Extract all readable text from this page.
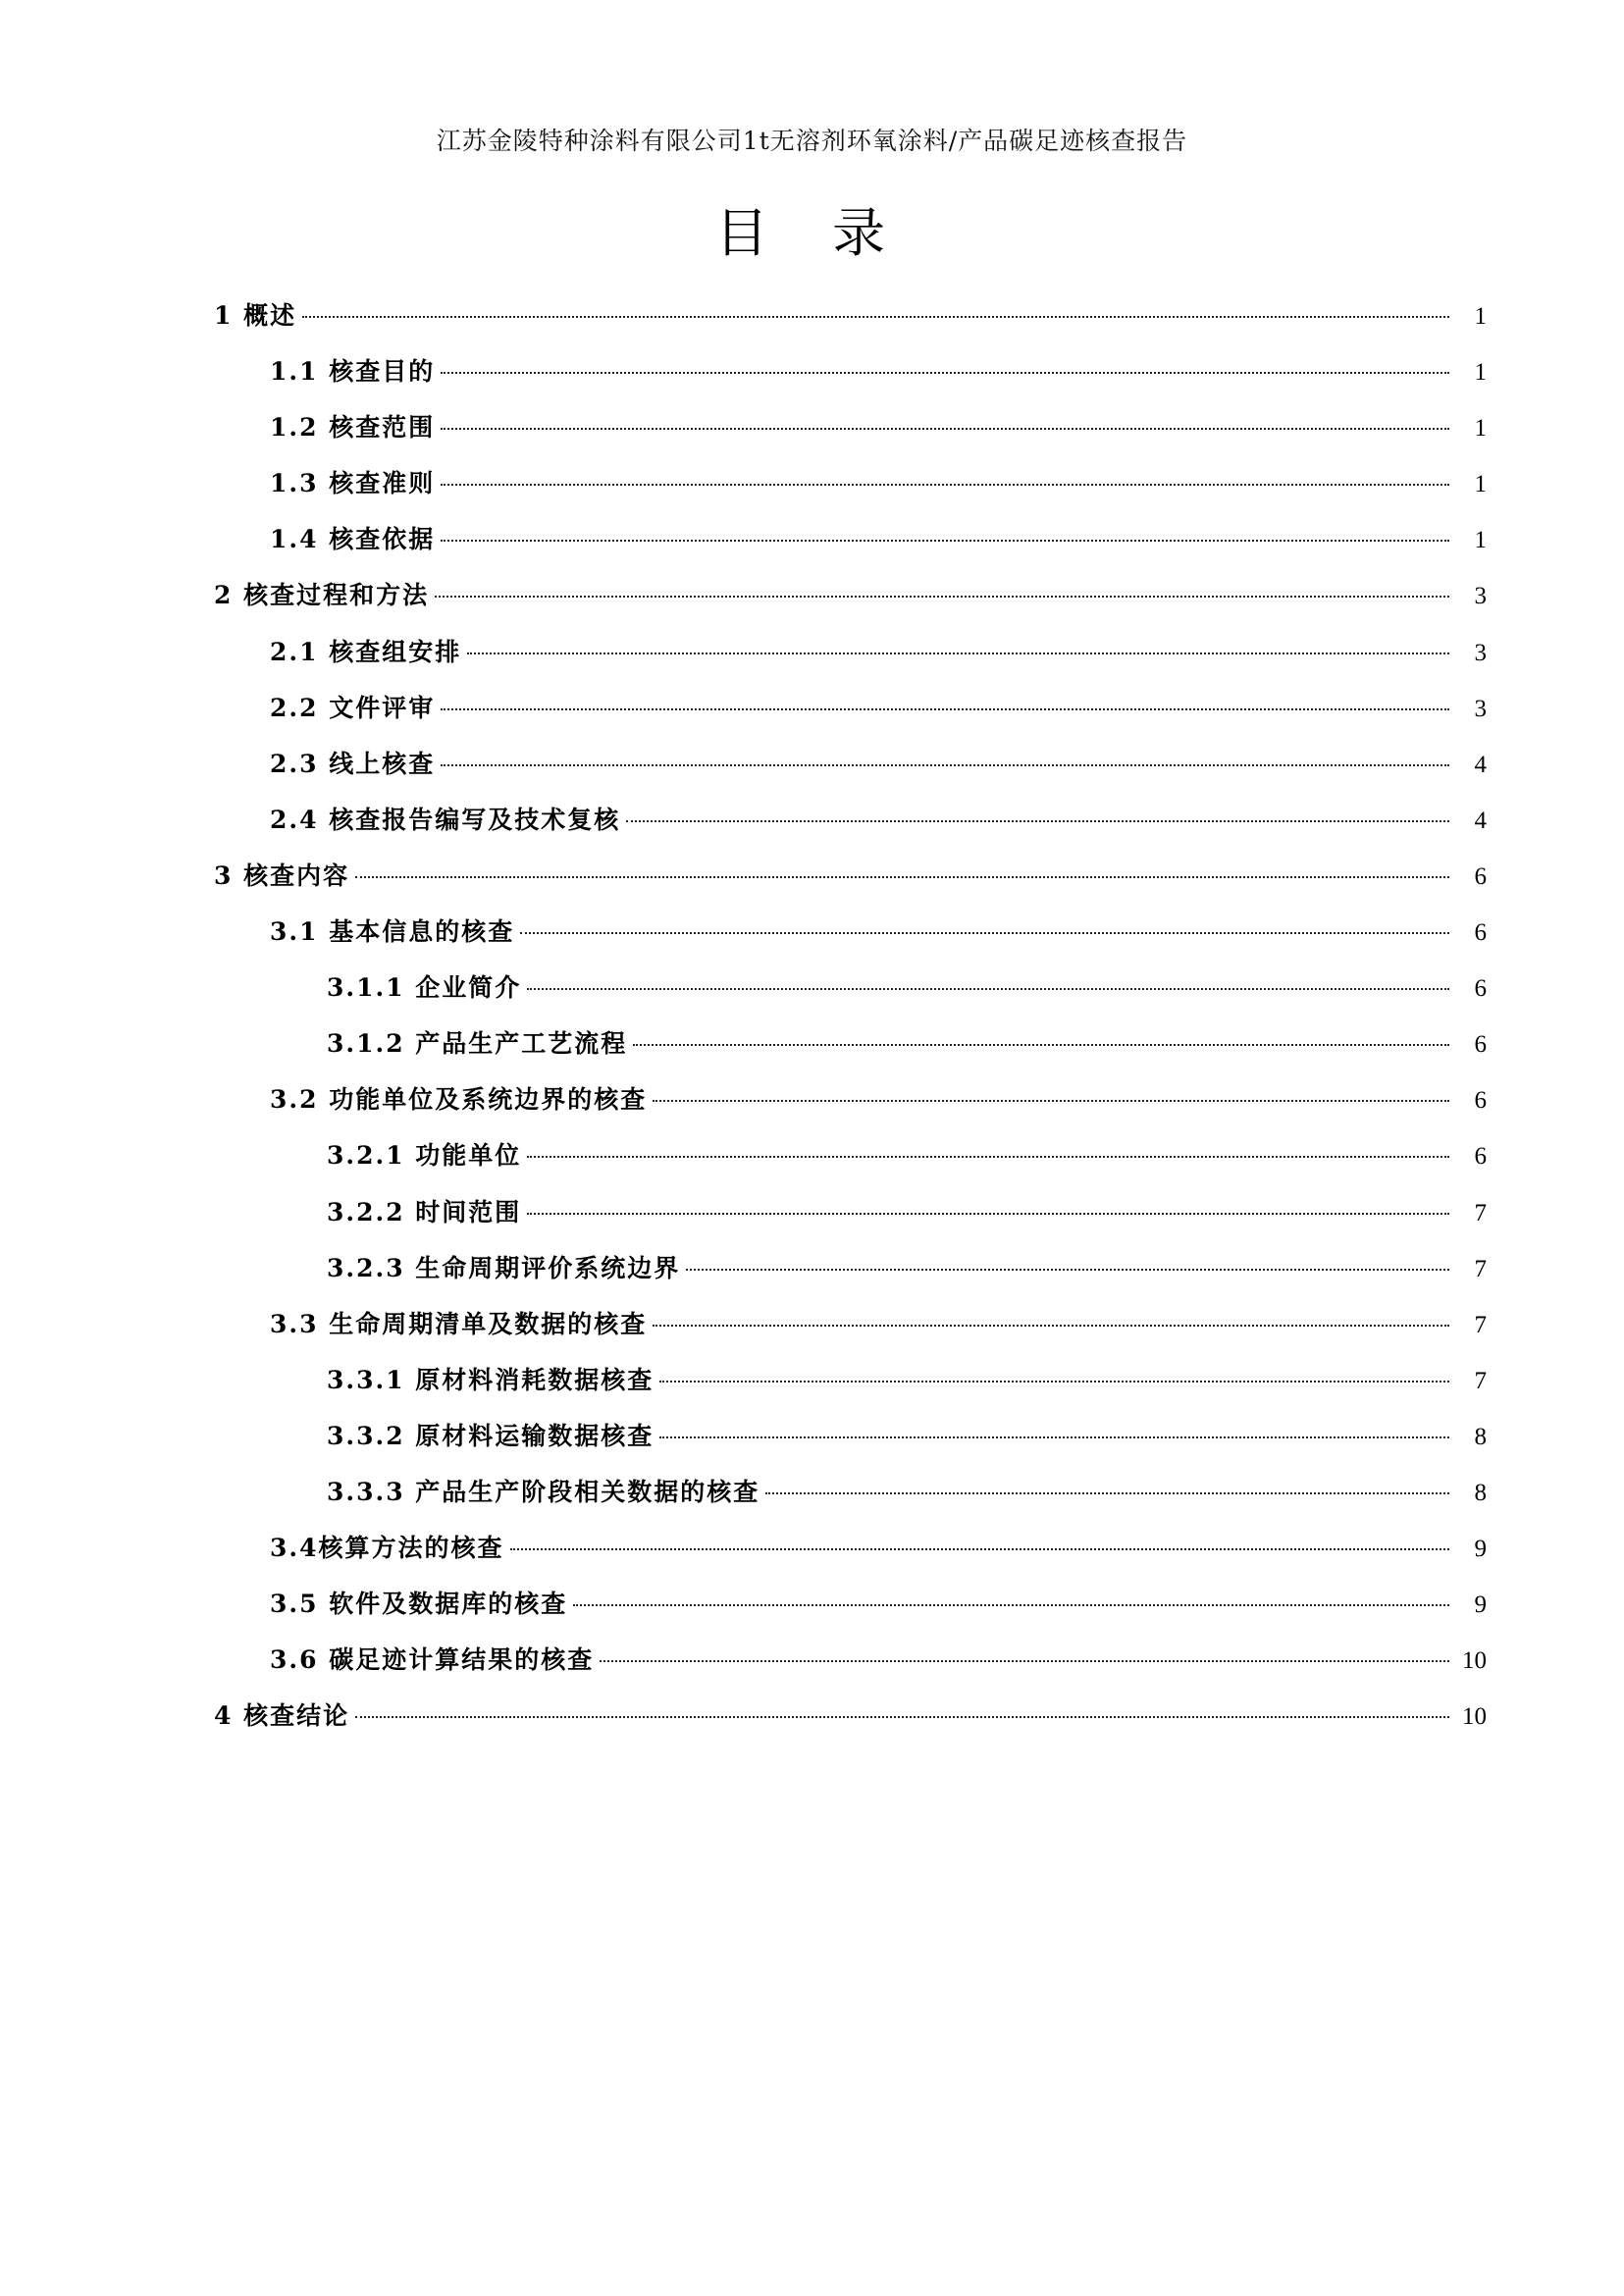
江苏金陵特种涂料有限公司1t无溶剂环氧涂料/产品碳足迹核查报告
目 录
1 概述	1
1.1 核查目的	1
1.2 核查范围	1
1.3 核查准则	1
1.4 核查依据	1
2 核查过程和方法	3
2.1 核查组安排	3
2.2 文件评审	3
2.3 线上核查	4
2.4 核查报告编写及技术复核	4
3 核查内容	6
3.1 基本信息的核查	6
3.1.1 企业简介	6
3.1.2 产品生产工艺流程	6
3.2 功能单位及系统边界的核查	6
3.2.1 功能单位	6
3.2.2 时间范围	7
3.2.3 生命周期评价系统边界	7
3.3 生命周期清单及数据的核查	7
3.3.1 原材料消耗数据核查	7
3.3.2 原材料运输数据核查	8
3.3.3 产品生产阶段相关数据的核查	8
3.4核算方法的核查	9
3.5 软件及数据库的核查	9
3.6 碳足迹计算结果的核查	10
4 核查结论	10
